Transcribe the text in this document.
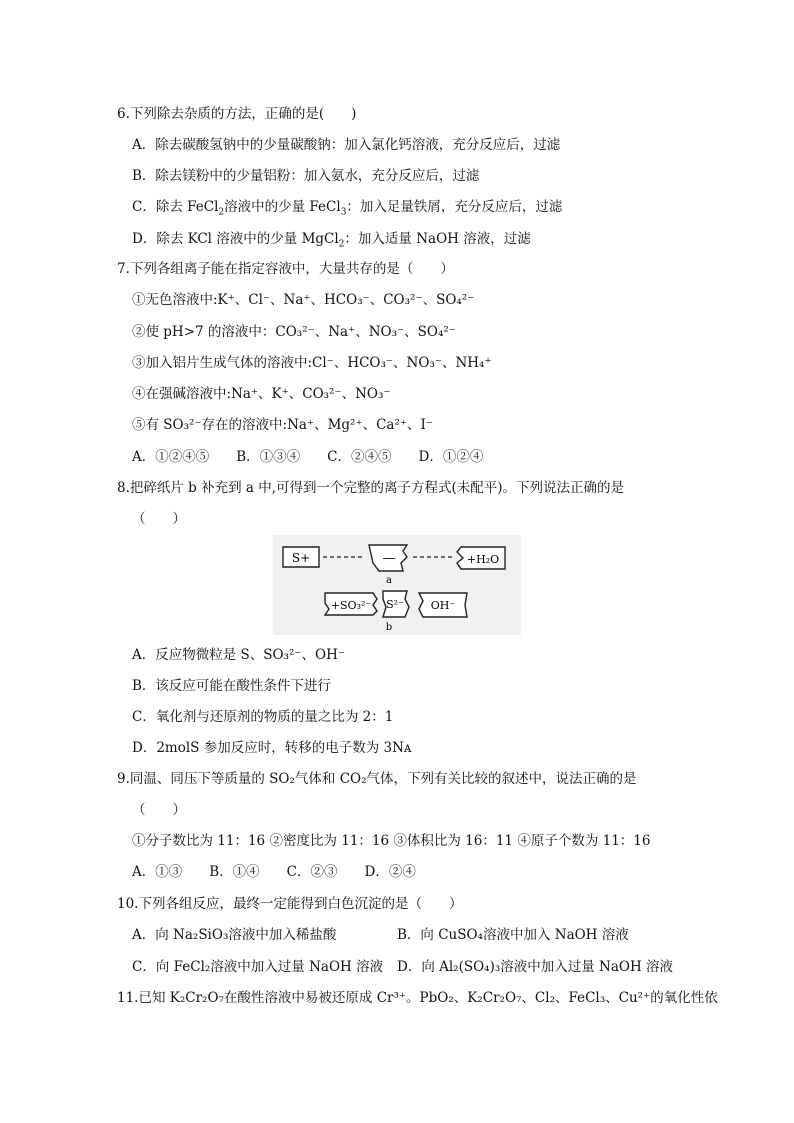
6.下列除去杂质的方法，正确的是(　　)
A．除去碳酸氢钠中的少量碳酸钠：加入氯化钙溶液，充分反应后，过滤
B．除去镁粉中的少量铝粉：加入氨水，充分反应后，过滤
C．除去 FeCl$_2$溶液中的少量 FeCl$_3$：加入足量铁屑，充分反应后，过滤
D．除去 KCl 溶液中的少量 MgCl$_2$：加入适量 NaOH 溶液，过滤
7.下列各组离子能在指定容液中，大量共存的是（　　）
①无色溶液中:K⁺、Cl⁻、Na⁺、HCO₃⁻、CO₃²⁻、SO₄²⁻
②使 pH>7 的溶液中：CO₃²⁻、Na⁺、NO₃⁻、SO₄²⁻
③加入铝片生成气体的溶液中:Cl⁻、HCO₃⁻、NO₃⁻、NH₄⁺
④在强碱溶液中:Na⁺、K⁺、CO₃²⁻、NO₃⁻
⑤有 SO₃²⁻存在的溶液中:Na⁺、Mg²⁺、Ca²⁺、I⁻
A．①②④⑤　　B．①③④　　C．②④⑤　　D．①②④
8.把碎纸片 b 补充到 a 中,可得到一个完整的离子方程式(未配平)。下列说法正确的是
（　　）
S+	—	+H₂O
a
+SO₃²⁻ S²⁻ OH⁻
b
A．反应物微粒是 S、SO₃²⁻、OH⁻
B．该反应可能在酸性条件下进行
C．氧化剂与还原剂的物质的量之比为 2：1
D．2molS 参加反应时，转移的电子数为 3Nᴀ
9.同温、同压下等质量的 SO₂气体和 CO₂气体，下列有关比较的叙述中，说法正确的是
（　　）
①分子数比为 11：16 ②密度比为 11：16 ③体积比为 16：11 ④原子个数为 11：16
A．①③　　B．①④　　C．②③　　D．②④
10.下列各组反应，最终一定能得到白色沉淀的是（　　）
A．向 Na₂SiO₃溶液中加入稀盐酸	B．向 CuSO₄溶液中加入 NaOH 溶液
C．向 FeCl₂溶液中加入过量 NaOH 溶液 D．向 Al₂(SO₄)₃溶液中加入过量 NaOH 溶液
11.已知 K₂Cr₂O₇在酸性溶液中易被还原成 Cr³⁺。PbO₂、K₂Cr₂O₇、Cl₂、FeCl₃、Cu²⁺的氧化性依
